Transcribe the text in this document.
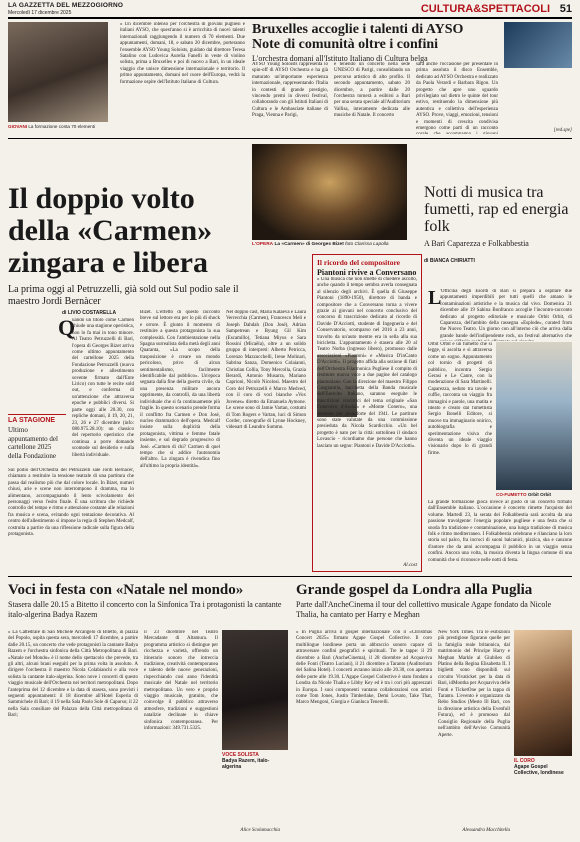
LA GAZZETTA DEL MEZZOGIORNO
Mercoledì 17 dicembre 2025	CULTURA&SPETTACOLI 51
GIOVANI La formazione conta 70 elementi
» Un dicembre intenso per l'orchestra di giovani pugliesi e italiani AYSO, che quest'anno si è arricchita di nuovi talenti internazionali raggiungendo il numero di 70 elementi. Due appuntamenti, domani, 18, e sabato 20 dicembre, porteranno l'ensemble AYSO Young Soloists, guidato dal direttore Teresa Satalino con Ludovica Aurelia Fanelli in veste di violino solista, prima a Bruxelles e poi di nuovo a Bari, in un ideale viaggio che unisce dimensione internazionale e territorio. Il primo appuntamento, domani nel cuore dell'Europa, vedrà la formazione ospite dell'Istituto Italiano di Cultura.
Bruxelles accoglie i talenti di AYSO
Note di comunità oltre i confini
L'orchestra domani all'Istituto Italiano di Cultura belga
AYSO Young Soloists rappresenta lo spin-off di AYSO Orchestra e ha già maturato un'importante esperienza internazionale, rappresentando l'Italia in contesti di grande prestigio, vincendo premi in diversi festival, collaborando con gli Istituti Italiani di Cultura e le Ambasciate italiane di Praga, Vienna e Parigi,
e tenendo un concerto nella sede UNESCO di Parigi, consolidando un percorso artistico di alto profilo. Il secondo appuntamento, sabato 20 dicembre, a partire dalle 20 l'orchestra tornerà a esibirsi a Bari per una serata speciale all'Auditorium Vallisa, interamente dedicata alle musiche di Natale. Il concerto
sarà anche l'occasione per presentare in prima assoluta il disco Ensemble, dedicato ad AYSO Orchestra e realizzato da Paola Verardi e Barbara Rigon. Un progetto che apre uno sguardo privilegiato sul dietro le quinte del tour estivo, restituendo la dimensione più autentica e collettiva dell'esperienza AYSO. Prove, viaggi, emozioni, tensioni e momenti di crescita condivisa emergono come parti di un racconto	[red.spe]
Il doppio volto
della «Carmen»
zingara e libera
La prima oggi al Petruzzelli, già sold out Sul podio sale il maestro Jordi Bernàcer
L'OPERA La «Carmen» di Georges Bizet foto Clarissa Lapolla
di LIVIO COSTARELLA
Q
uando un titolo come Carmen chiude una stagione operistica, non lo fa mai in tono minore. Al Teatro Petruzzelli di Bari, l'opera di Georges Bizet arriva come ultimo appuntamento del cartellone 2025 della Fondazione Petruzzelli (nuova produzione e allestimento sovente firmato dall'Ente Lirico) con tutte le recite sold out, e conferma di un'attenzione che attraversa epoche e pubblici diversi. Si parte oggi alle 20.30, con repliche domani, il 19, 20, 21, 23, 26 e 27 dicembre (info: 080.975.28.10): un classico del repertorio operistico che continua a porre domande scomode sul desiderio e sulla libertà individuale.
LA STAGIONE
Ultimo appuntamento del cartellone 2025 della Fondazione
Sul podio dell'Orchestra del Petruzzelli sale Jordi Bernàcer, chiamato a restituire la tensione teatrale di una partitura che passa dal realismo più che dal colore locale. In Bizet, numeri chiusi, arie e scene non interrompono il dramma, ma lo alimentano, accompagnando il lento scivolamento dei personaggi verso l'esito finale. È una scrittura che richiede controllo del tempo e ritmo e attenzione costante alle relazioni fra musica e scena, evitando ogni tentazione decorativa. Al centro dell'allestimento si impone la regia di Stephen Medcalf, costruita a partire da una riflessione radicale sulla figura della protagonista.
Bizet. L'effetto di questo racconto breve sul lettore era per lo più di shock e orrore. È giunto il momento di restituire a questa protagonista la sua complessità. Con l'ambientazione nella Spagna surrealista della metà degli anni Quaranta, «La scopo della trasposizione è creare un mondo pericoloso, privo di alcun sentimentalismo, facilmente identificabile dal pubblico». Un'epoca segnata dalla fine della guerra civile, da una presenza militare ancora opprimente, da controlli, da una libertà individuale che si fa continuamente più fragile. In questo scenario prende forma il conflitto fra Carmen e Don José, nucleo drammatico dell'opera. Medcalf insiste sulla duplicità della protagonista, vittima e femme fatale insieme, e sul degrado progressivo di José. «Carmen di chi? Carmen di quel tempo che si addice l'autonomia dell'altro. La zingara è rivendica fino all'ultimo la propria identità».
Nel doppio cast, Maria Kataeva e Laura Verrecchia (Carmen), Francesco Meli e Joseph Dahdah (Don José), Adrian Sampetrean e Byung Gil Kim (Escamillo), Tetiana Miyus e Sara Rossini (Micaëla), oltre a un solido gruppo di interpreti: Alberto Petricca, Lorenzo Mazzucchelli, Irene Molinari, Sabrina Sanza, Domenico Colaianni, Christian Collia, Tony Mercolla, Grazia Berardi, Antonio Musarra, Mariano Caprioni, Nicolò Nicolosi. Maestro del Coro del Petruzzelli è Marco Medved, con il coro di voci bianche «Vox Juvenes» diretto da Emanuela Aymone. Le scene sono di Jamie Vartan, costumi di Tom Rogers e Vartan, luci di Simon Corder, coreografie di Lynne Hockney, videoart di Leandro Summo.
Il ricordo del compositore
Piantoni rivive a Conversano
» Una musica che non smette di chiedere ascolto, anche quando il tempo sembra averla consegnata al silenzio degli archivi. È quella di Giuseppe Piantoni (1890-1950), direttore di banda e compositore che a Conversano torna a vivere grazie ai giovani nel concerto conclusivo del concorso di trascrizione dedicato al ricordo di Davide D'Acciotti, studente di Ingegneria e del Conservatorio, scomparso nel 2016 a 23 anni, travolto da un'auto mentre era in sella alla sua bicicletta. L'appuntamento è stasera alle 20 al Teatro Norba (ingresso libero), promosso dalle associazioni «Piantoni» e «Musica D'inCanto D'Acciotti». Il progetto affida alla sezione di fiati dell'Orchestra Filarmonica Pugliese il compito di restituire nuova voce a due pagine del catalogo piantoniano. Con la direzione del maestro Filippo Cangiamila, bacchetta della Banda musicale dell'Esercito Italiano, saranno eseguite le trascrizioni vincitrici del tema originale «San Francesco d'Assisi» e «Monte Conero», una serenata per pianoforte del 1941. Le partiture sono state valutate da una commissione presieduta da Nicola Scardicchio. «Un bel progetto è nato per la città: sottolinea il sindaco Lovascio - ricordiamo due persone che hanno lasciato un segno: Piantoni e Davide D'Acciotti».
Al.cost
Notti di musica tra fumetti, rap ed energia folk
A Bari Caparezza e Folkabbestia
di BIANCA CHIRIATTI
L
'Officina degli Esordi di Bari si prepara a ospitare due appuntamenti imperdibili per tutti quelli che amano le contaminazioni artistiche e la musica dal vivo. Domenica 21 dicembre alle 19 Sabina Bonfranco accoglie l'incontro-racconto dedicato al progetto editoriale e musicale Orbit Orbit, di Caparezza, dell'ambito della rassegna «Esplode», curated from the Nuovo Teatro. Un giorno con all'interno ciò che arriva dalla grande bande dell'indipendente rock, un festival alternativo che
Orbit Orbit è un fumetto che si legge, si ascolta e si attraversa come un sogno. Appuntamento col tornio di progetti di pubblico, incontra Sergio Gerasi e Le Canre, con la moderazione di Sara Martinelli. Caparezza, seduto tra tavole e cuffie, racconta un viaggio fra immagini e parole, una matita e
Ideato e creato dal fumettista Sergio Bonelli Editore, si muove tra immaginario onirico, autobiografia e sperimentazione visiva che diventa un ideale viaggio visionario dopo lo di grandi firme.
CO-FUMETTO Orbit Orbit
La grande formazione gioca invece al gusto di un concerto firmato dall'Ensemble italiano. L'occasione è concerto rimette l'acquisto del volume. Martedì 23, la serata dei Folkabbestia sarà accolta da una passione travolgente: l'energia popolare pugliese e una festa che si snoda fra tradizione e contaminazione, una lunga tradizione di musica folk e ritmo mediterraneo. I Folkabbestia celebrano e rilanciano la loro storia sul palco, fra incroci di suoni balcanici, pizzica, ska e canzone d'autore che da anni accompagna il pubblico in un viaggio senza confini. Ancora una volta, la musica diventa la lingua comune di una comunità che si riconosce nelle notti di festa.
Voci in festa con «Natale nel mondo»
Stasera dalle 20.15 a Bitetto il concerto con la Sinfonica Tra i protagonisti la cantante italo-algerina Badya Razem
» La Cattedrale di San Michele Arcangelo di Bitetto, in piazza del Popolo, ospita questa sera, mercoledì 17 dicembre, a partire dalle 20.15, un concerto che vede protagonisti la cantante Badya Razem e l'orchestra sinfonica della Città Metropolitana di Bari. «Natale nel Mondo» è il nome dello spettacolo che prevede, tra gli altri, alcuni brani eseguiti per la prima volta in assoluto. A dirigere l'orchestra il maestro Nicola Colabianchi e alla voce solista la cantante italo-algerina. Sono nove i concerti di questo viaggio musicale dell'Orchestra nei territori metropolitani. Dopo l'anteprima del 12 dicembre e la data di stasera, sono previsti i seguenti appuntamenti: il 18 dicembre all'Hotel Esperia di Sammichele di Bari; il 19 nella Sala Paolo Sole di Capurso; il 22 nella Sala consiliare del Palazzo della Città metropolitana di Bari;
il 23 dicembre nel Teatro Mercadante di Altamura. Il programma artistico si distingue per ricchezza e varietà, offrendo un itinerario sonoro che intreccia tradizione, creatività contemporanea e talento delle nuove generazioni, rispecchiando così anno l'identità musicale del Natale nel territorio metropolitano. Un vero e proprio viaggio musicale, gratuito, che coinvolge il pubblico attraverso atmosfere, tradizioni e suggestioni natalizie declinate in chiave sinfonica contemporanea. Per informazioni: 349.731.5325.
VOCE SOLISTA
Badya Razem, italo-algerina
Alice Scolamacchia
Grande gospel da Londra alla Puglia
Parte dall'AncheCinema il tour del collettivo musicale Agape fondato da Nicole Thalia, ha cantato per Harry e Meghan
» In Puglia arriva il gospel internazionale con il «Christmas Concert 2025» firmato Agape Gospel Collective. Il coro multilingue londinese porta un abbraccio sonoro capace di attraversare confini geografici e spirituali. Tre le tappe: il 29 dicembre a Bari (AncheCinema), il 28 dicembre ad Acquaviva delle Fonti (Teatro Luciani), il 21 dicembre a Taranto (Auditorium del Salina Hotel). I concerti avranno inizio alle 20.30, con apertura delle porte alle 19.30. L'Agape Gospel Collective è stato fondato a Londra da Nicole Thalia e Libby Key ed è tra i cori più apprezzati in Europa. I suoi componenti vantano collaborazioni con artisti come Tom Jones, Justin Timberlake, Demi Lovato, Take That, Marco Mengoni, Giorgia e Gianluca Tenerelli.
New York Times. Tra le esibizioni più prestigiose figurano quelle per la famiglia reale britannica, dal matrimonio del Principe Harry e Meghan Markle al Giubileo di Platino della Regina Elisabetta II. I biglietti sono disponibili sul circuito Vivaticket per la data di Bari, idMontha per Acquaviva delle Fonti e TicketOne per la tappa di Taranto. L'evento è organizzato da Rebo Studios (Mesto Ill Bari, con la direzione artistica della Evenfull Futura), ed è promosso dal Consiglio Regionale della Puglia nell'ambito dell'Avviso Comunità Aperte.
IL CORO
Agape Gospel Collective, londinese
Alessandra Macchitella
